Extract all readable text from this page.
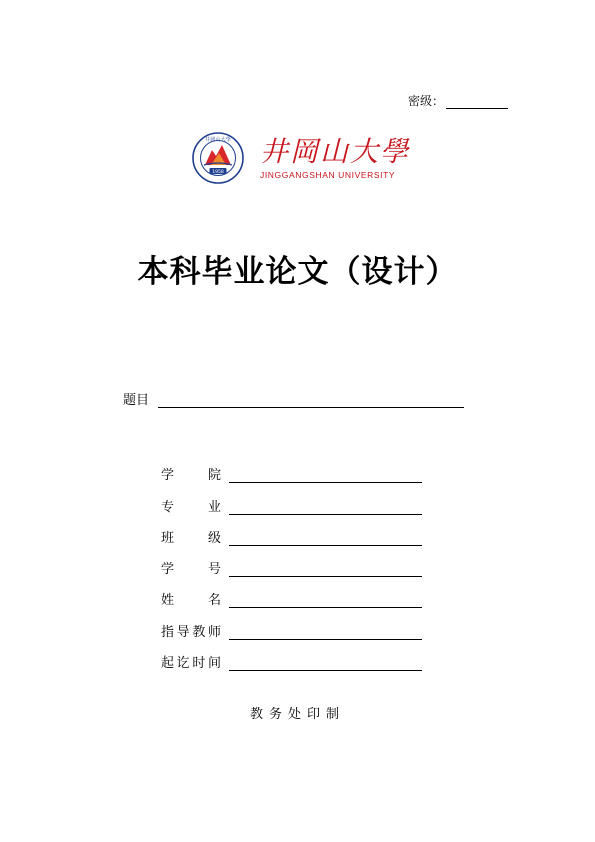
密级：
井岡山大學
1958
井岡山大學
JINGGANGSHAN UNIVERSITY
本科毕业论文（设计）
题目
学	院
专	业
班	级
学	号
姓	名
指 导 教 师
起 讫 时 间
教务处印制
